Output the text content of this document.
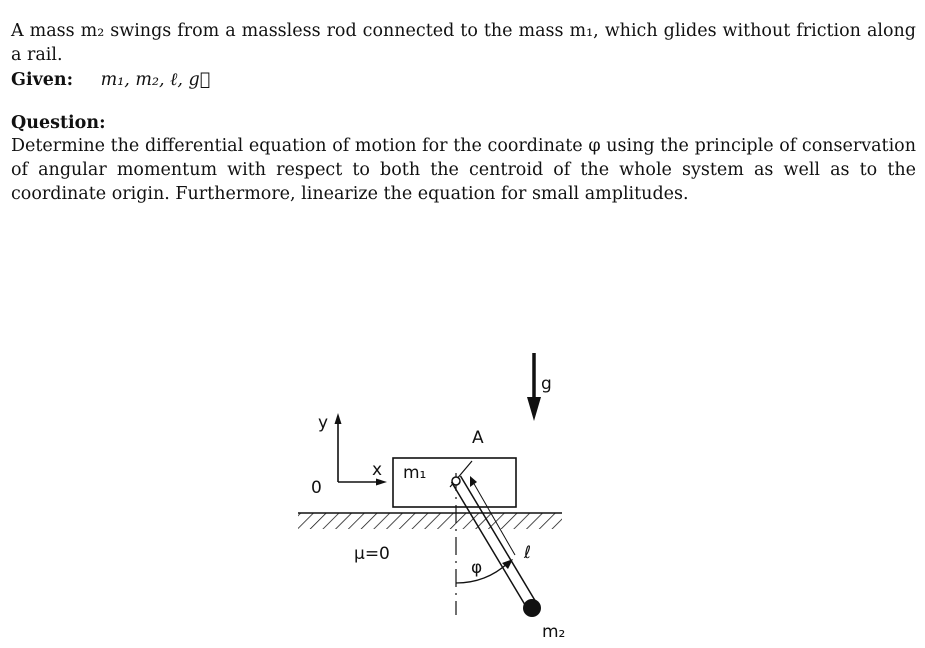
A mass m₂ swings from a massless rod connected to the mass m₁, which glides without friction along a rail.
Given: m₁, m₂, ℓ, g⃗
Question:
Determine the differential equation of motion for the coordinate φ using the principle of conservation of angular momentum with respect to both the centroid of the whole system as well as to the coordinate origin. Furthermore, linearize the equation for small amplitudes.
y
x
0
m₁
A
φ
ℓ
m₂
g
μ=0
